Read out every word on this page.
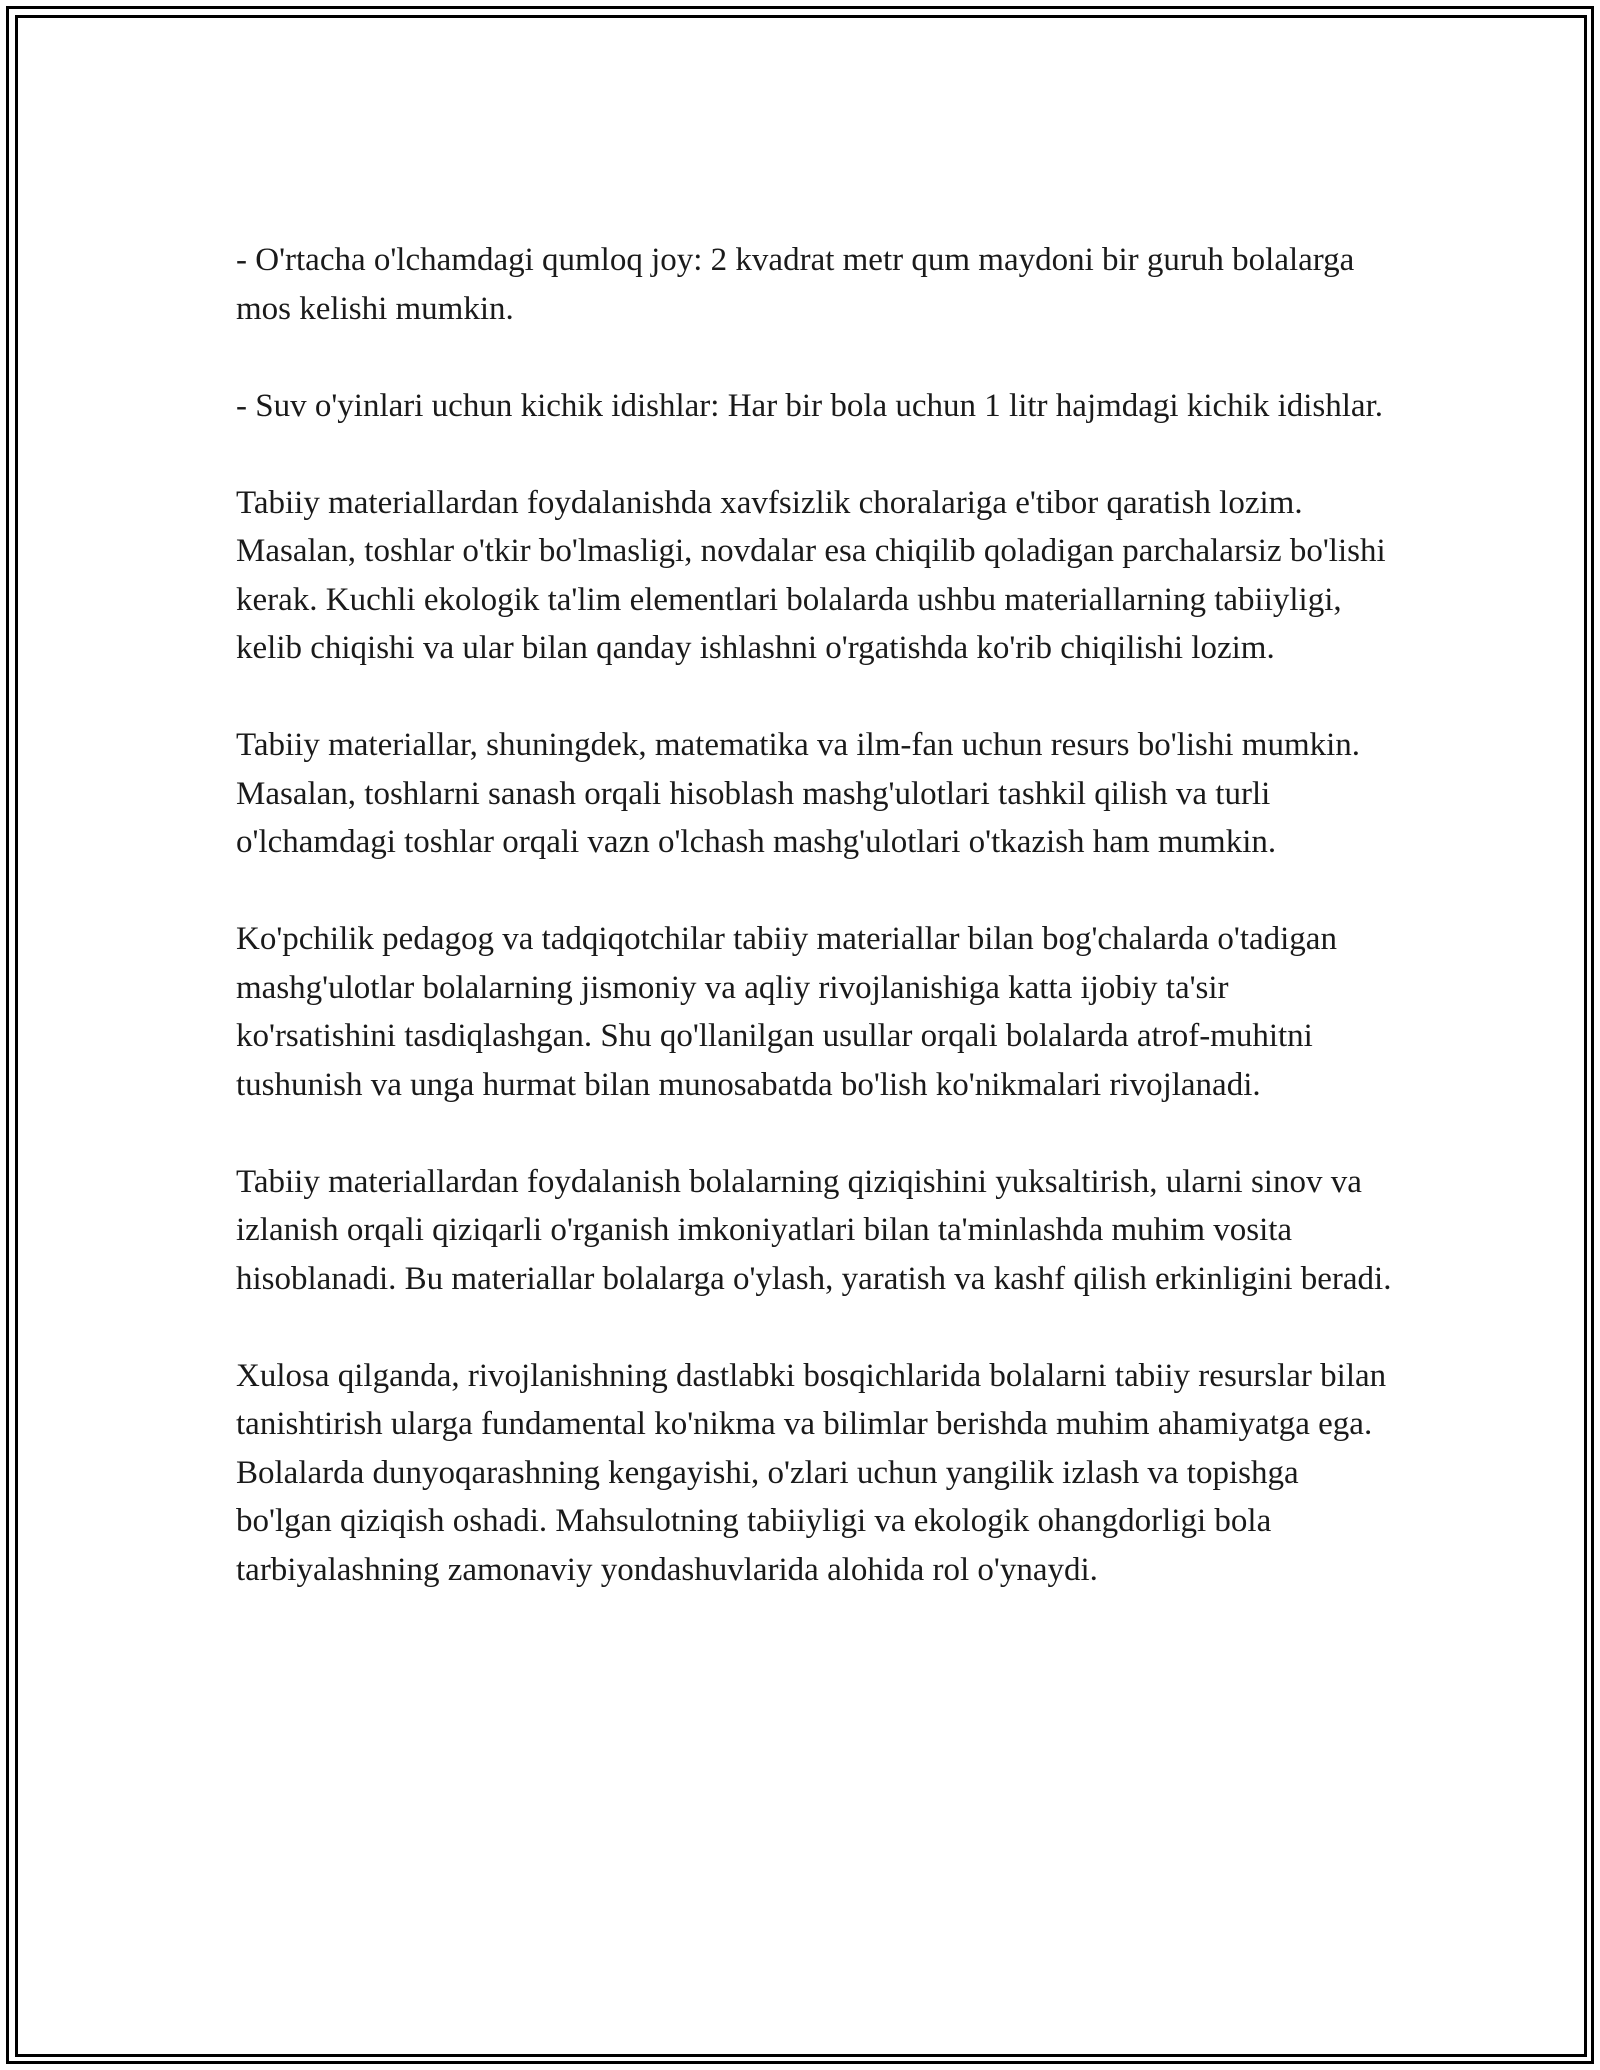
- O'rtacha o'lchamdagi qumloq joy: 2 kvadrat metr qum maydoni bir guruh bolalarga mos kelishi mumkin.

- Suv o'yinlari uchun kichik idishlar: Har bir bola uchun 1 litr hajmdagi kichik idishlar.

Tabiiy materiallardan foydalanishda xavfsizlik choralariga e'tibor qaratish lozim. Masalan, toshlar o'tkir bo'lmasligi, novdalar esa chiqilib qoladigan parchalarsiz bo'lishi kerak. Kuchli ekologik ta'lim elementlari bolalarda ushbu materiallarning tabiiyligi, kelib chiqishi va ular bilan qanday ishlashni o'rgatishda ko'rib chiqilishi lozim.

Tabiiy materiallar, shuningdek, matematika va ilm-fan uchun resurs bo'lishi mumkin. Masalan, toshlarni sanash orqali hisoblash mashg'ulotlari tashkil qilish va turli o'lchamdagi toshlar orqali vazn o'lchash mashg'ulotlari o'tkazish ham mumkin.

Ko'pchilik pedagog va tadqiqotchilar tabiiy materiallar bilan bog'chalarda o'tadigan mashg'ulotlar bolalarning jismoniy va aqliy rivojlanishiga katta ijobiy ta'sir ko'rsatishini tasdiqlashgan. Shu qo'llanilgan usullar orqali bolalarda atrof-muhitni tushunish va unga hurmat bilan munosabatda bo'lish ko'nikmalari rivojlanadi.

Tabiiy materiallardan foydalanish bolalarning qiziqishini yuksaltirish, ularni sinov va izlanish orqali qiziqarli o'rganish imkoniyatlari bilan ta'minlashda muhim vosita hisoblanadi. Bu materiallar bolalarga o'ylash, yaratish va kashf qilish erkinligini beradi.

Xulosa qilganda, rivojlanishning dastlabki bosqichlarida bolalarni tabiiy resurslar bilan tanishtirish ularga fundamental ko'nikma va bilimlar berishda muhim ahamiyatga ega. Bolalarda dunyoqarashning kengayishi, o'zlari uchun yangilik izlash va topishga bo'lgan qiziqish oshadi. Mahsulotning tabiiyligi va ekologik ohangdorligi bola tarbiyalashning zamonaviy yondashuvlarida alohida rol o'ynaydi.
